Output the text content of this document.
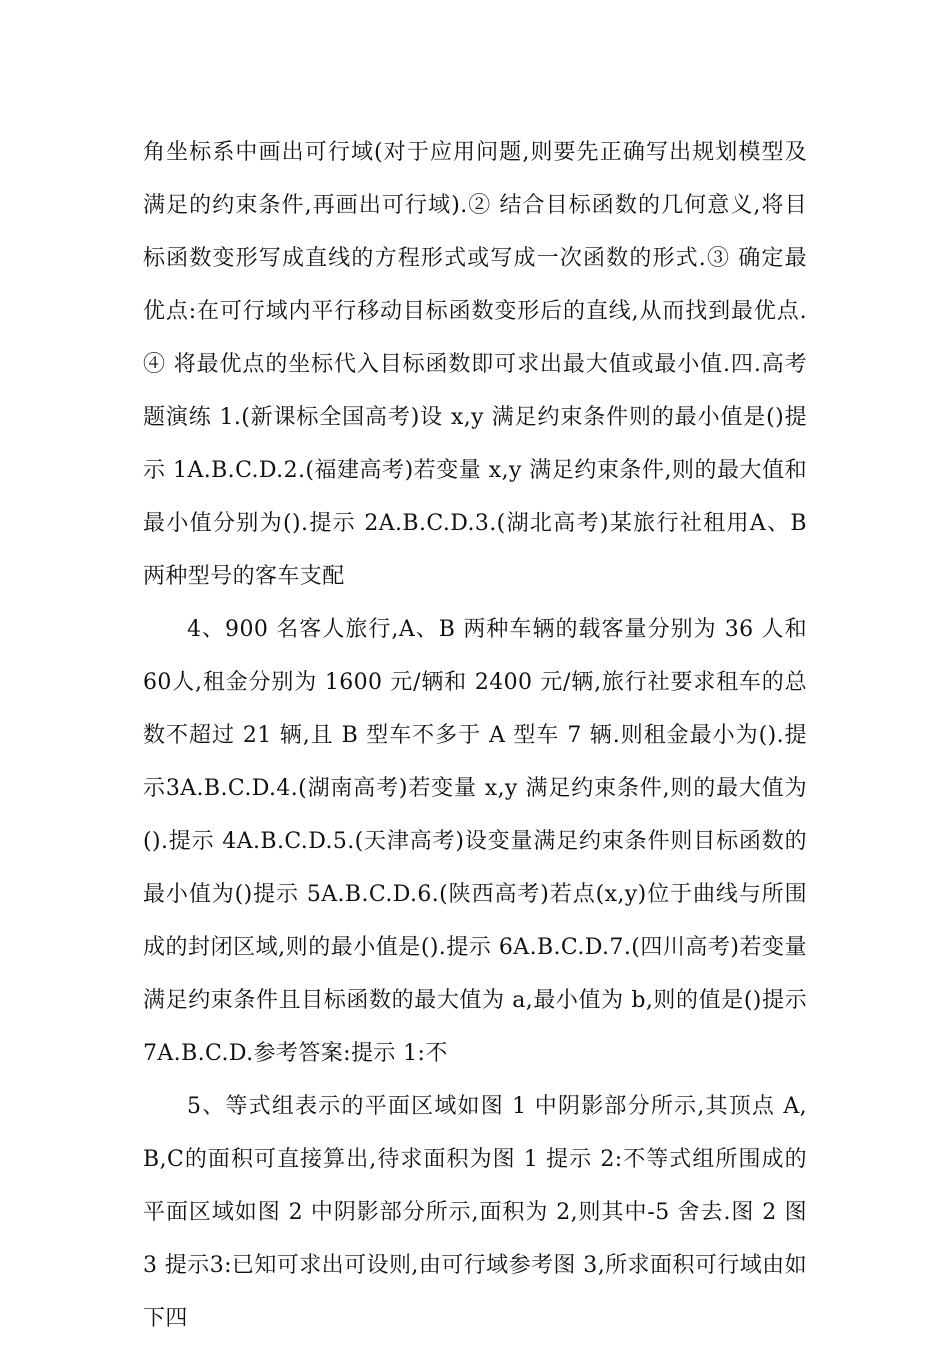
角坐标系中画出可行域(对于应用问题,则要先正确写出规划模型及满足的约束条件,再画出可行域).② 结合目标函数的几何意义,将目标函数变形写成直线的方程形式或写成一次函数的形式.③ 确定最优点:在可行域内平行移动目标函数变形后的直线,从而找到最优点.④ 将最优点的坐标代入目标函数即可求出最大值或最小值.四.高考题演练 1.(新课标全国高考)设 x,y 满足约束条件则的最小值是()提示 1A.B.C.D.2.(福建高考)若变量 x,y 满足约束条件,则的最大值和最小值分别为().提示 2A.B.C.D.3.(湖北高考)某旅行社租用A、B 两种型号的客车支配

4、900 名客人旅行,A、B 两种车辆的载客量分别为 36 人和 60人,租金分别为 1600 元/辆和 2400 元/辆,旅行社要求租车的总数不超过 21 辆,且 B 型车不多于 A 型车 7 辆.则租金最小为().提示3A.B.C.D.4.(湖南高考)若变量 x,y 满足约束条件,则的最大值为().提示 4A.B.C.D.5.(天津高考)设变量满足约束条件则目标函数的最小值为()提示 5A.B.C.D.6.(陕西高考)若点(x,y)位于曲线与所围成的封闭区域,则的最小值是().提示 6A.B.C.D.7.(四川高考)若变量满足约束条件且目标函数的最大值为 a,最小值为 b,则的值是()提示7A.B.C.D.参考答案:提示 1:不

5、等式组表示的平面区域如图 1 中阴影部分所示,其顶点 A,B,C的面积可直接算出,待求面积为图 1 提示 2:不等式组所围成的平面区域如图 2 中阴影部分所示,面积为 2,则其中-5 舍去.图 2 图 3 提示3:已知可求出可设则,由可行域参考图 3,所求面积可行域由如下四
